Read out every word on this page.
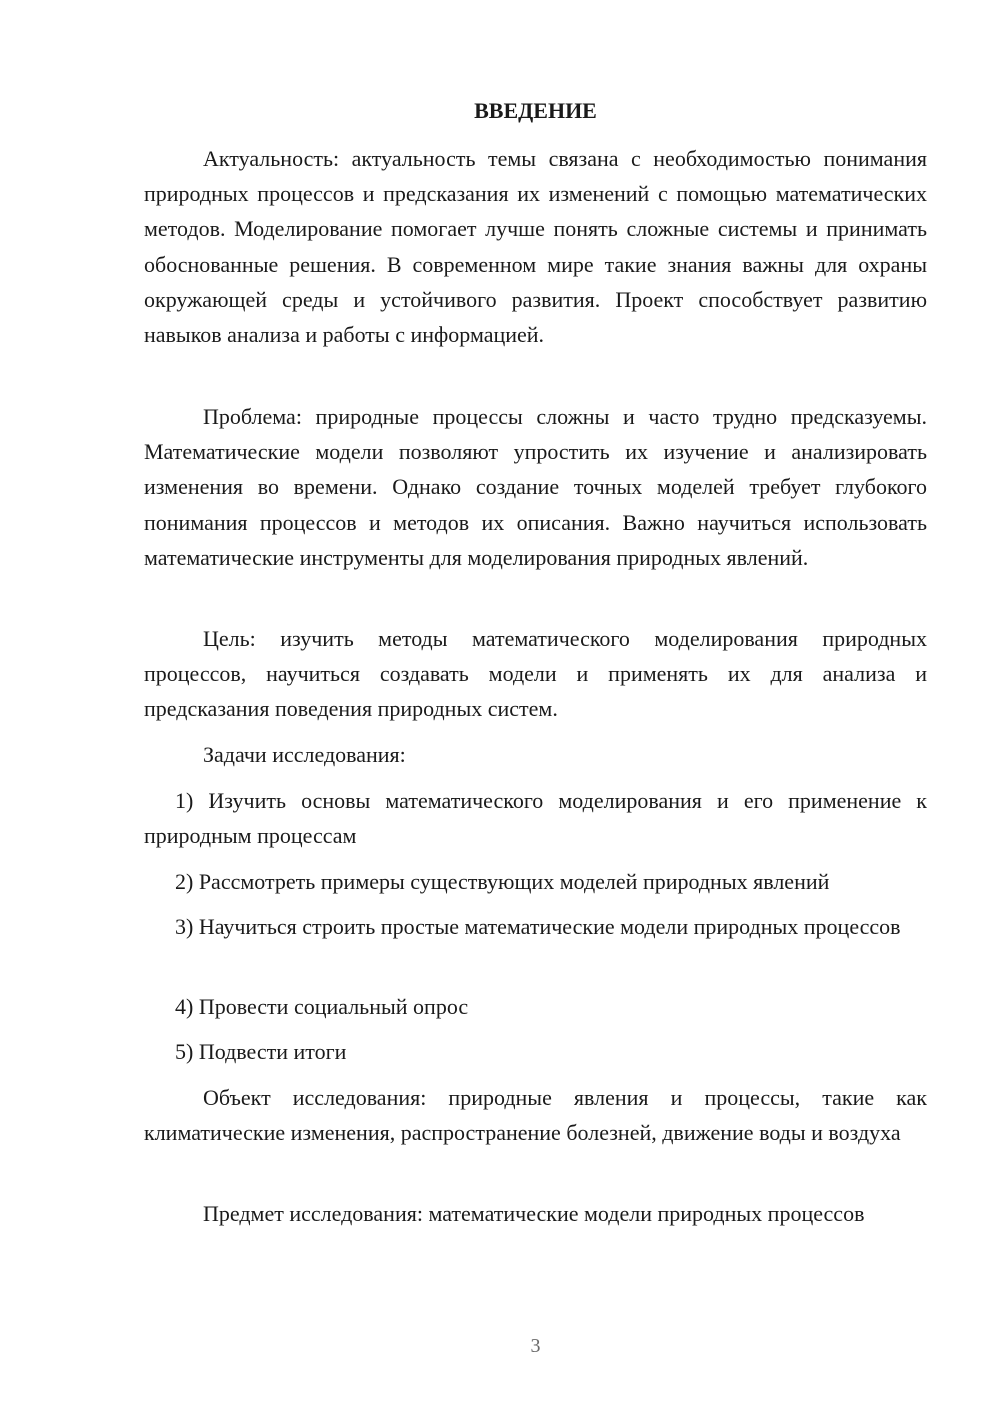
ВВЕДЕНИЕ

Актуальность: актуальность темы связана с необходимостью понимания природных процессов и предсказания их изменений с помощью математических методов. Моделирование помогает лучше понять сложные системы и принимать обоснованные решения. В современном мире такие знания важны для охраны окружающей среды и устойчивого развития. Проект способствует развитию навыков анализа и работы с информацией.

Проблема: природные процессы сложны и часто трудно предсказуемы. Математические модели позволяют упростить их изучение и анализировать изменения во времени. Однако создание точных моделей требует глубокого понимания процессов и методов их описания. Важно научиться использовать математические инструменты для моделирования природных явлений.

Цель: изучить методы математического моделирования природных процессов, научиться создавать модели и применять их для анализа и предсказания поведения природных систем.

Задачи исследования:

1) Изучить основы математического моделирования и его применение к природным процессам

2) Рассмотреть примеры существующих моделей природных явлений

3) Научиться строить простые математические модели природных процессов

4) Провести социальный опрос

5) Подвести итоги

Объект исследования: природные явления и процессы, такие как климатические изменения, распространение болезней, движение воды и воздуха

Предмет исследования: математические модели природных процессов

3
